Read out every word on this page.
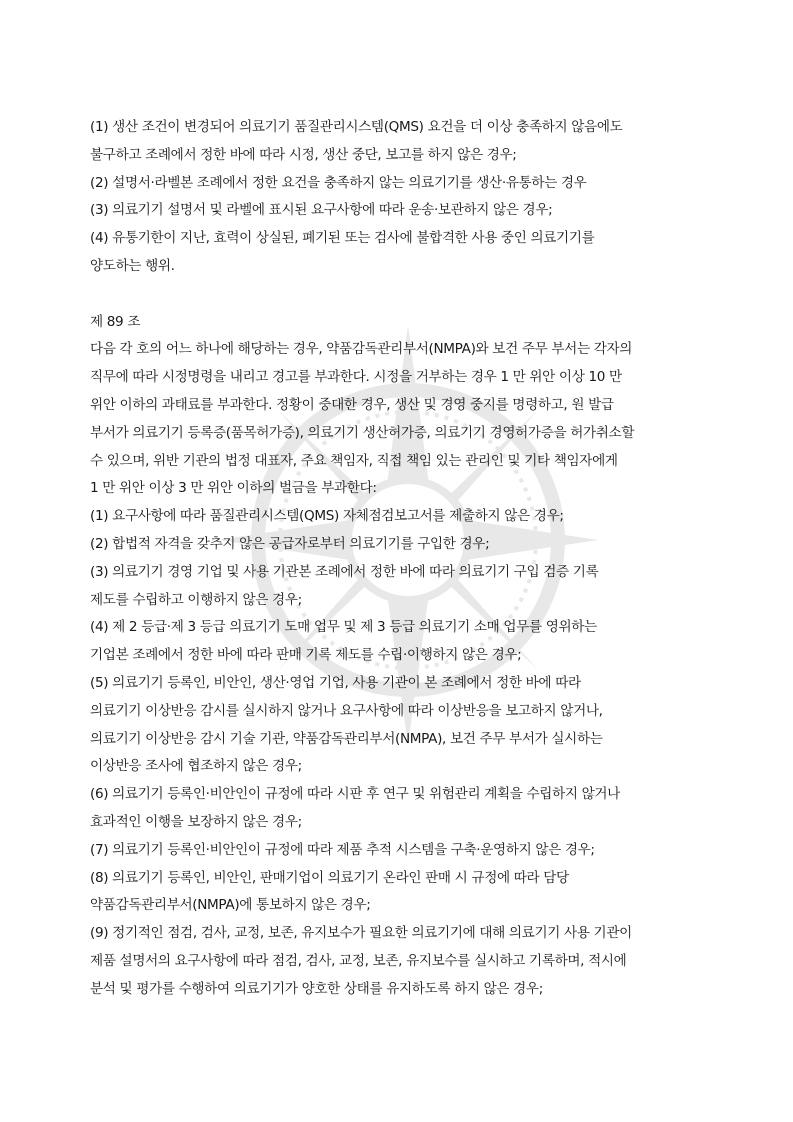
(1) 생산 조건이 변경되어 의료기기 품질관리시스템(QMS) 요건을 더 이상 충족하지 않음에도
불구하고 조례에서 정한 바에 따라 시정, 생산 중단, 보고를 하지 않은 경우;
(2) 설명서·라벨본 조례에서 정한 요건을 충족하지 않는 의료기기를 생산·유통하는 경우
(3) 의료기기 설명서 및 라벨에 표시된 요구사항에 따라 운송·보관하지 않은 경우;
(4) 유통기한이 지난, 효력이 상실된, 폐기된 또는 검사에 불합격한 사용 중인 의료기기를
양도하는 행위.
제 89 조
다음 각 호의 어느 하나에 해당하는 경우, 약품감독관리부서(NMPA)와 보건 주무 부서는 각자의
직무에 따라 시정명령을 내리고 경고를 부과한다. 시정을 거부하는 경우 1 만 위안 이상 10 만
위안 이하의 과태료를 부과한다. 정황이 중대한 경우, 생산 및 경영 중지를 명령하고, 원 발급
부서가 의료기기 등록증(품목허가증), 의료기기 생산허가증, 의료기기 경영허가증을 허가취소할
수 있으며, 위반 기관의 법정 대표자, 주요 책임자, 직접 책임 있는 관리인 및 기타 책임자에게
1 만 위안 이상 3 만 위안 이하의 벌금을 부과한다:
(1) 요구사항에 따라 품질관리시스템(QMS) 자체점검보고서를 제출하지 않은 경우;
(2) 합법적 자격을 갖추지 않은 공급자로부터 의료기기를 구입한 경우;
(3) 의료기기 경영 기업 및 사용 기관본 조례에서 정한 바에 따라 의료기기 구입 검증 기록
제도를 수립하고 이행하지 않은 경우;
(4) 제 2 등급·제 3 등급 의료기기 도매 업무 및 제 3 등급 의료기기 소매 업무를 영위하는
기업본 조례에서 정한 바에 따라 판매 기록 제도를 수립·이행하지 않은 경우;
(5) 의료기기 등록인, 비안인, 생산·영업 기업, 사용 기관이 본 조례에서 정한 바에 따라
의료기기 이상반응 감시를 실시하지 않거나 요구사항에 따라 이상반응을 보고하지 않거나,
의료기기 이상반응 감시 기술 기관, 약품감독관리부서(NMPA), 보건 주무 부서가 실시하는
이상반응 조사에 협조하지 않은 경우;
(6) 의료기기 등록인·비안인이 규정에 따라 시판 후 연구 및 위험관리 계획을 수립하지 않거나
효과적인 이행을 보장하지 않은 경우;
(7) 의료기기 등록인·비안인이 규정에 따라 제품 추적 시스템을 구축·운영하지 않은 경우;
(8) 의료기기 등록인, 비안인, 판매기업이 의료기기 온라인 판매 시 규정에 따라 담당
약품감독관리부서(NMPA)에 통보하지 않은 경우;
(9) 정기적인 점검, 검사, 교정, 보존, 유지보수가 필요한 의료기기에 대해 의료기기 사용 기관이
제품 설명서의 요구사항에 따라 점검, 검사, 교정, 보존, 유지보수를 실시하고 기록하며, 적시에
분석 및 평가를 수행하여 의료기기가 양호한 상태를 유지하도록 하지 않은 경우;
